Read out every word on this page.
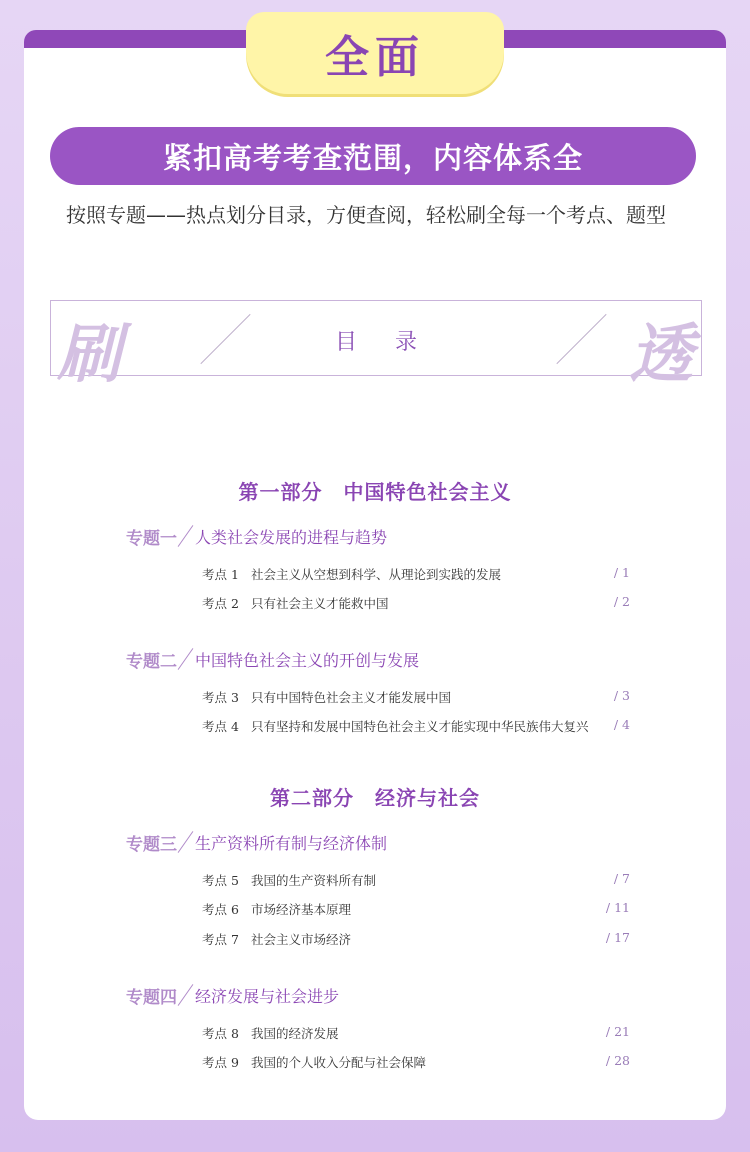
全面
紧扣高考考查范围，内容体系全
按照专题——热点划分目录，方便查阅，轻松刷全每一个考点、题型
刷	目录	透
第一部分　中国特色社会主义
专题一 人类社会发展的进程与趋势
考点 1 社会主义从空想到科学、从理论到实践的发展	/ 1
考点 2 只有社会主义才能救中国	/ 2
专题二 中国特色社会主义的开创与发展
考点 3 只有中国特色社会主义才能发展中国	/ 3
考点 4 只有坚持和发展中国特色社会主义才能实现中华民族伟大复兴 / 4
第二部分　经济与社会
专题三 生产资料所有制与经济体制
考点 5 我国的生产资料所有制	/ 7
考点 6 市场经济基本原理	/ 11
考点 7 社会主义市场经济	/ 17
专题四 经济发展与社会进步
考点 8 我国的经济发展	/ 21
考点 9 我国的个人收入分配与社会保障	/ 28
